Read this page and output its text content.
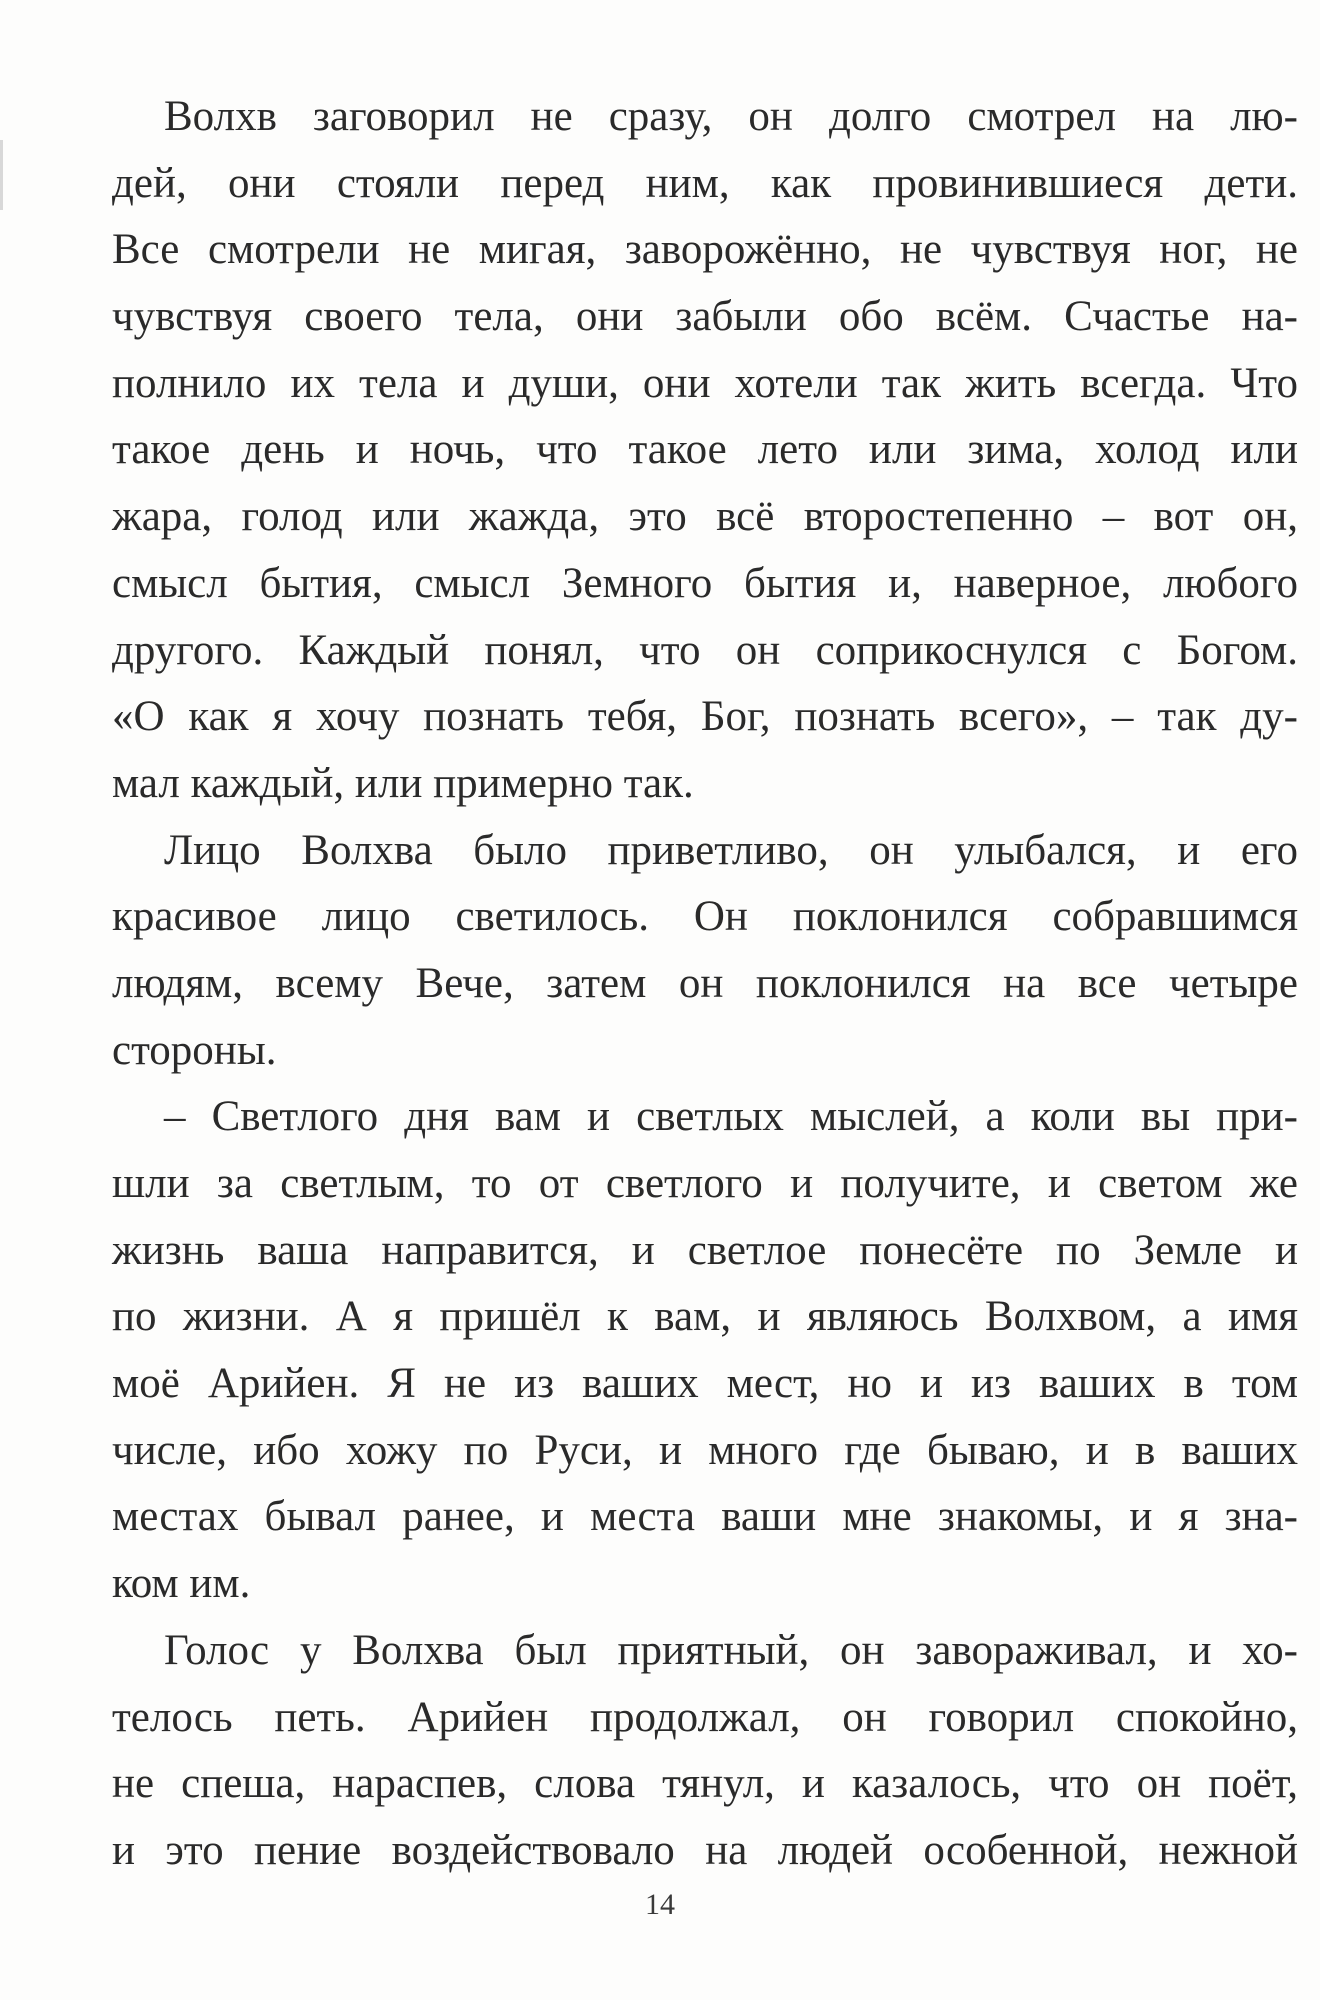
Волхв заговорил не сразу, он долго смотрел на лю-
дей, они стояли перед ним, как провинившиеся дети.
Все смотрели не мигая, заворожённо, не чувствуя ног, не
чувствуя своего тела, они забыли обо всём. Счастье на-
полнило их тела и души, они хотели так жить всегда. Что
такое день и ночь, что такое лето или зима, холод или
жара, голод или жажда, это всё второстепенно – вот он,
смысл бытия, смысл Земного бытия и, наверное, любого
другого. Каждый понял, что он соприкоснулся с Богом.
«О как я хочу познать тебя, Бог, познать всего», – так ду-
мал каждый, или примерно так.
Лицо Волхва было приветливо, он улыбался, и его
красивое лицо светилось. Он поклонился собравшимся
людям, всему Вече, затем он поклонился на все четыре
стороны.
– Светлого дня вам и светлых мыслей, а коли вы при-
шли за светлым, то от светлого и получите, и светом же
жизнь ваша направится, и светлое понесёте по Земле и
по жизни. А я пришёл к вам, и являюсь Волхвом, а имя
моё Арийен. Я не из ваших мест, но и из ваших в том
числе, ибо хожу по Руси, и много где бываю, и в ваших
местах бывал ранее, и места ваши мне знакомы, и я зна-
ком им.
Голос у Волхва был приятный, он завораживал, и хо-
телось петь. Арийен продолжал, он говорил спокойно,
не спеша, нараспев, слова тянул, и казалось, что он поёт,
и это пение воздействовало на людей особенной, нежной
14
